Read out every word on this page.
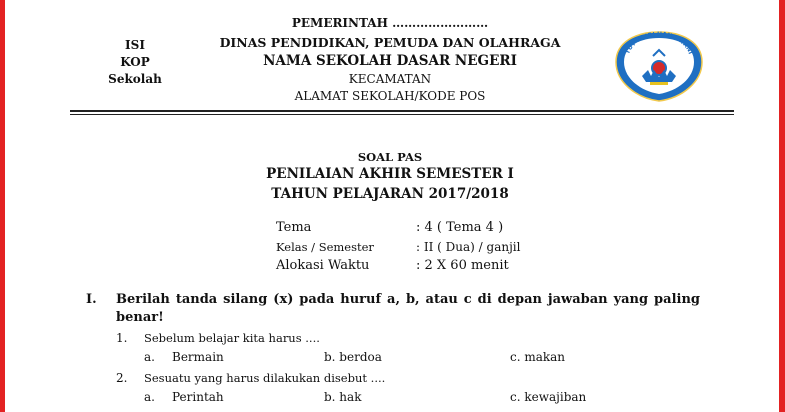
ISI
KOP
Sekolah
PEMERINTAH ……………………
DINAS PENDIDIKAN, PEMUDA DAN OLAHRAGA
NAMA SEKOLAH DASAR NEGERI
KECAMATAN
ALAMAT SEKOLAH/KODE POS
TUT WURI HANDAYANI
SOAL PAS
PENILAIAN AKHIR SEMESTER I
TAHUN PELAJARAN 2017/2018
Tema	: 4 ( Tema 4 )
Kelas / Semester	: II ( Dua) / ganjil
Alokasi Waktu	: 2 X 60 menit
I. Berilah tanda silang (x) pada huruf a, b, atau c di depan jawaban yang paling
benar!
1. Sebelum belajar kita harus ....
a. Bermain	b. berdoa	c. makan
2. Sesuatu yang harus dilakukan disebut ....
a. Perintah	b. hak	c. kewajiban
